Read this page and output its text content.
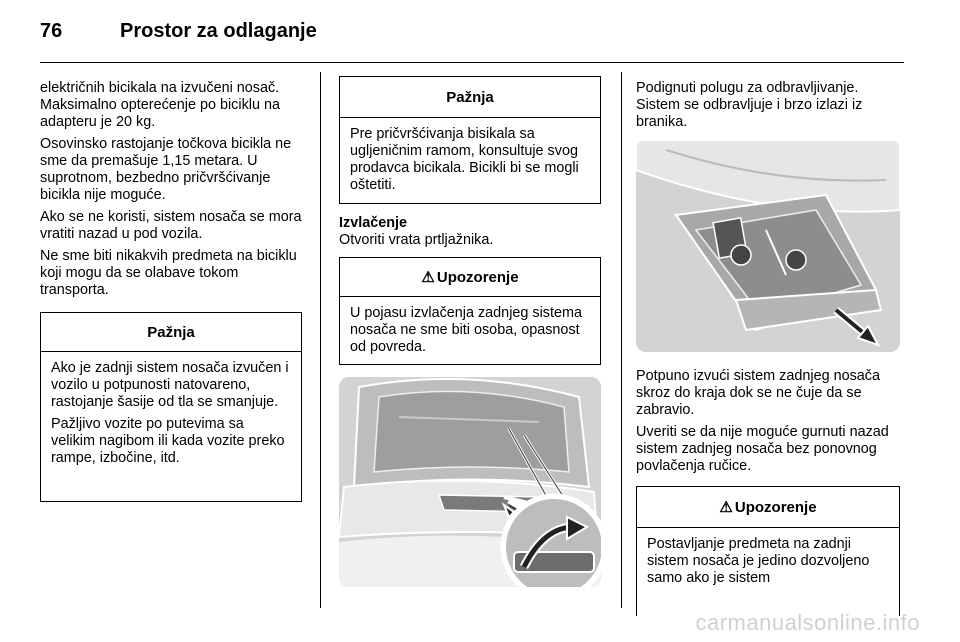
76	Prostor za odlaganje

električnih bicikala na izvučeni nosač. Maksimalno opterećenje po biciklu na adapteru je 20 kg.

Osovinsko rastojanje točkova bicikla ne sme da premašuje 1,15 metara. U suprotnom, bezbedno pričvršćivanje bicikla nije moguće.

Ako se ne koristi, sistem nosača se mora vratiti nazad u pod vozila.

Ne sme biti nikakvih predmeta na biciklu koji mogu da se olabave tokom transporta.

Pažnja

Ako je zadnji sistem nosača izvučen i vozilo u potpunosti natovareno, rastojanje šasije od tla se smanjuje.

Pažljivo vozite po putevima sa velikim nagibom ili kada vozite preko rampe, izbočine, itd.

Pažnja

Pre pričvršćivanja bisikala sa ugljeničnim ramom, konsultuje svog prodavca bicikala. Bicikli bi se mogli oštetiti.

Izvlačenje
Otvoriti vrata prtljažnika.
⚠ Upozorenje

U pojasu izvlačenja zadnjeg sistema nosača ne sme biti osoba, opasnost od povreda.

Podignuti polugu za odbravljivanje. Sistem se odbravljuje i brzo izlazi iz branika.

Potpuno izvući sistem zadnjeg nosača skroz do kraja dok se ne čuje da se zabravio.

Uveriti se da nije moguće gurnuti nazad sistem zadnjeg nosača bez ponovnog povlačenja ručice.

⚠ Upozorenje

Postavljanje predmeta na zadnji sistem nosača je jedino dozvoljeno samo ako je sistem

carmanualsonline.info
